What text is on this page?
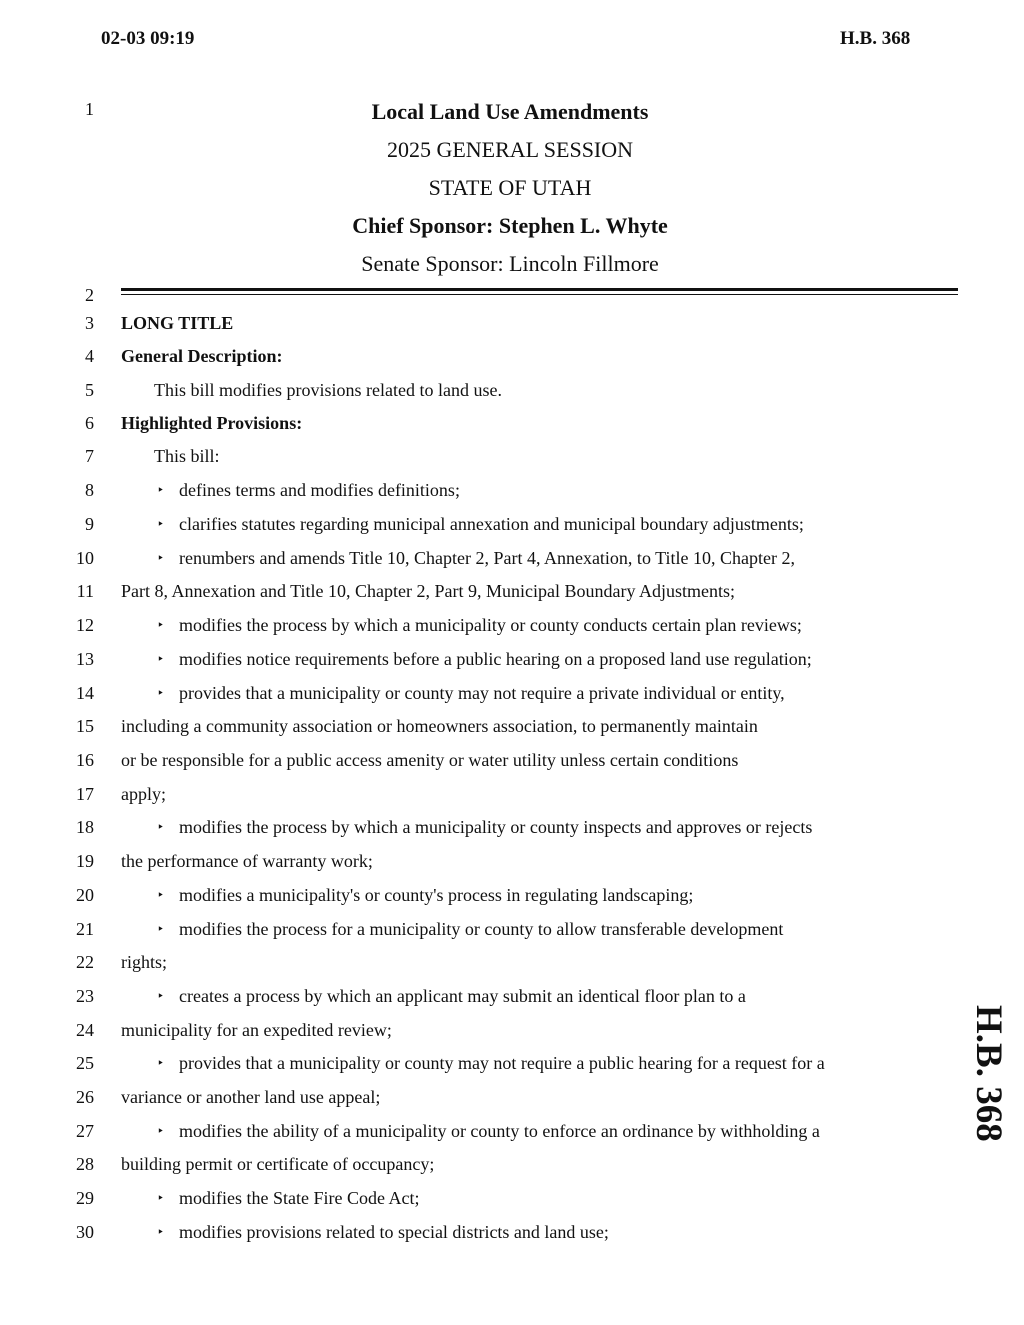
02-03 09:19	H.B. 368
1
2
3
4
5
6
7
8
9
10
11
12
13
14
15
16
17
18
19
20
21
22
23
24
25
26
27
28
29
30
Local Land Use Amendments
2025 GENERAL SESSION
STATE OF UTAH
Chief Sponsor: Stephen L. Whyte
Senate Sponsor: Lincoln Fillmore
LONG TITLE
General Description:
This bill modifies provisions related to land use.
Highlighted Provisions:
This bill:
‣ defines terms and modifies definitions;
‣ clarifies statutes regarding municipal annexation and municipal boundary adjustments;
‣ renumbers and amends Title 10, Chapter 2, Part 4, Annexation, to Title 10, Chapter 2,
Part 8, Annexation and Title 10, Chapter 2, Part 9, Municipal Boundary Adjustments;
‣ modifies the process by which a municipality or county conducts certain plan reviews;
‣ modifies notice requirements before a public hearing on a proposed land use regulation;
‣ provides that a municipality or county may not require a private individual or entity,
including a community association or homeowners association, to permanently maintain
or be responsible for a public access amenity or water utility unless certain conditions
apply;
‣ modifies the process by which a municipality or county inspects and approves or rejects
the performance of warranty work;
‣ modifies a municipality's or county's process in regulating landscaping;
‣ modifies the process for a municipality or county to allow transferable development
rights;
‣ creates a process by which an applicant may submit an identical floor plan to a
municipality for an expedited review;
‣ provides that a municipality or county may not require a public hearing for a request for a
variance or another land use appeal;
‣ modifies the ability of a municipality or county to enforce an ordinance by withholding a
building permit or certificate of occupancy;
‣ modifies the State Fire Code Act;
‣ modifies provisions related to special districts and land use;
H.B. 368
